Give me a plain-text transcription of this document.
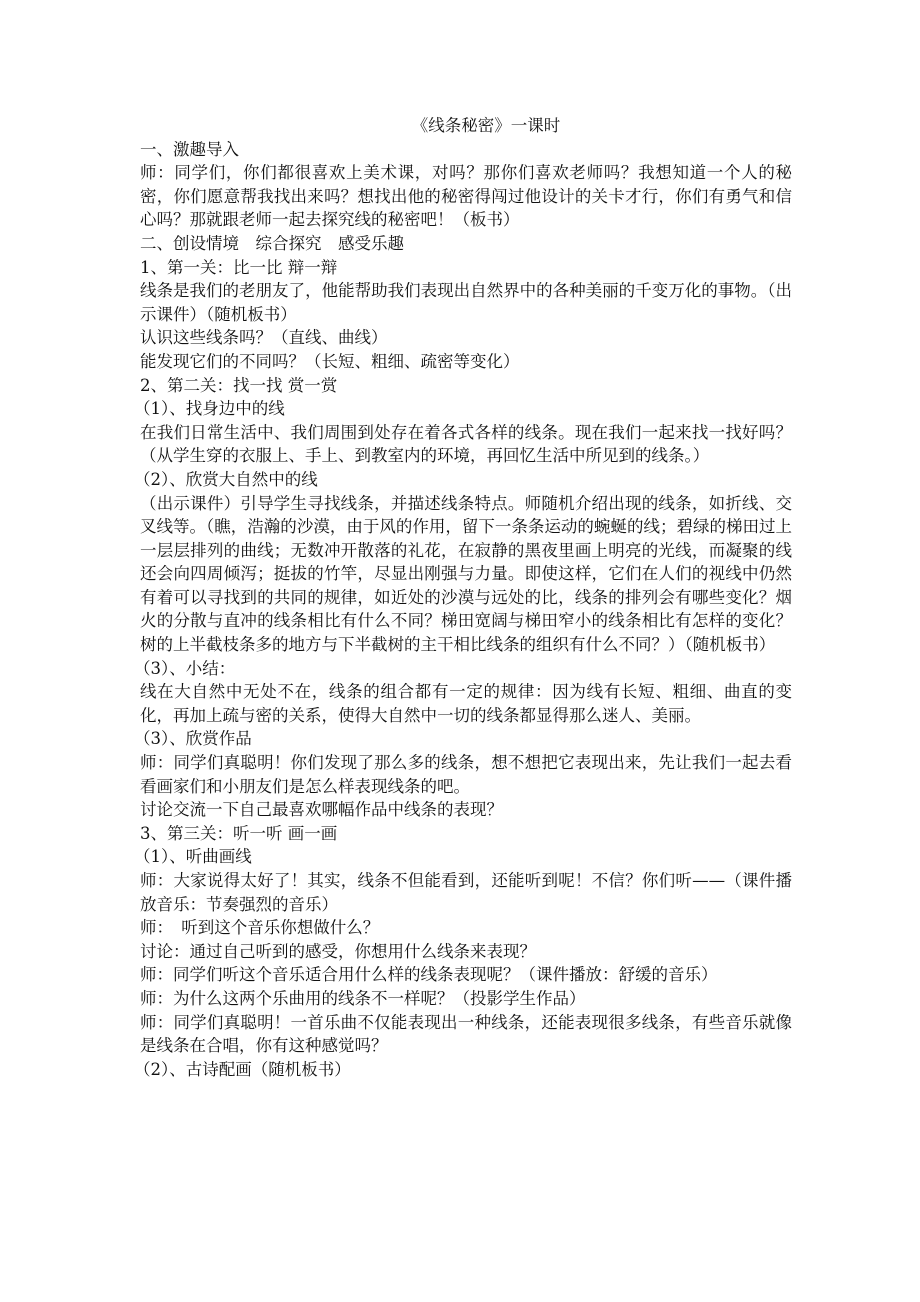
《线条秘密》一课时
一、激趣导入
师：同学们，你们都很喜欢上美术课，对吗？那你们喜欢老师吗？我想知道一个人的秘密，你们愿意帮我找出来吗？想找出他的秘密得闯过他设计的关卡才行，你们有勇气和信心吗？那就跟老师一起去探究线的秘密吧！（板书）
二、创设情境　综合探究　感受乐趣
1、第一关：比一比 辩一辩
线条是我们的老朋友了，他能帮助我们表现出自然界中的各种美丽的千变万化的事物。（出示课件）（随机板书）
认识这些线条吗？（直线、曲线）
能发现它们的不同吗？（长短、粗细、疏密等变化）
2、第二关：找一找 赏一赏
（1）、找身边中的线
在我们日常生活中、我们周围到处存在着各式各样的线条。现在我们一起来找一找好吗？（从学生穿的衣服上、手上、到教室内的环境，再回忆生活中所见到的线条。）
（2）、欣赏大自然中的线
（出示课件）引导学生寻找线条，并描述线条特点。师随机介绍出现的线条，如折线、交叉线等。（瞧，浩瀚的沙漠，由于风的作用，留下一条条运动的蜿蜒的线；碧绿的梯田过上一层层排列的曲线；无数冲开散落的礼花，在寂静的黑夜里画上明亮的光线，而凝聚的线还会向四周倾泻；挺拔的竹竿，尽显出刚强与力量。即使这样，它们在人们的视线中仍然有着可以寻找到的共同的规律，如近处的沙漠与远处的比，线条的排列会有哪些变化？烟火的分散与直冲的线条相比有什么不同？梯田宽阔与梯田窄小的线条相比有怎样的变化？树的上半截枝条多的地方与下半截树的主干相比线条的组织有什么不同？）（随机板书）
（3）、小结：
线在大自然中无处不在，线条的组合都有一定的规律：因为线有长短、粗细、曲直的变化，再加上疏与密的关系，使得大自然中一切的线条都显得那么迷人、美丽。
（3）、欣赏作品
师：同学们真聪明！你们发现了那么多的线条，想不想把它表现出来，先让我们一起去看看画家们和小朋友们是怎么样表现线条的吧。
讨论交流一下自己最喜欢哪幅作品中线条的表现？
3、第三关：听一听 画一画
（1）、听曲画线
师：大家说得太好了！其实，线条不但能看到，还能听到呢！不信？你们听——（课件播放音乐：节奏强烈的音乐）
师：　听到这个音乐你想做什么？
讨论：通过自己听到的感受，你想用什么线条来表现？
师：同学们听这个音乐适合用什么样的线条表现呢？（课件播放：舒缓的音乐）
师：为什么这两个乐曲用的线条不一样呢？（投影学生作品）
师：同学们真聪明！一首乐曲不仅能表现出一种线条，还能表现很多线条，有些音乐就像是线条在合唱，你有这种感觉吗？
（2）、古诗配画（随机板书）
